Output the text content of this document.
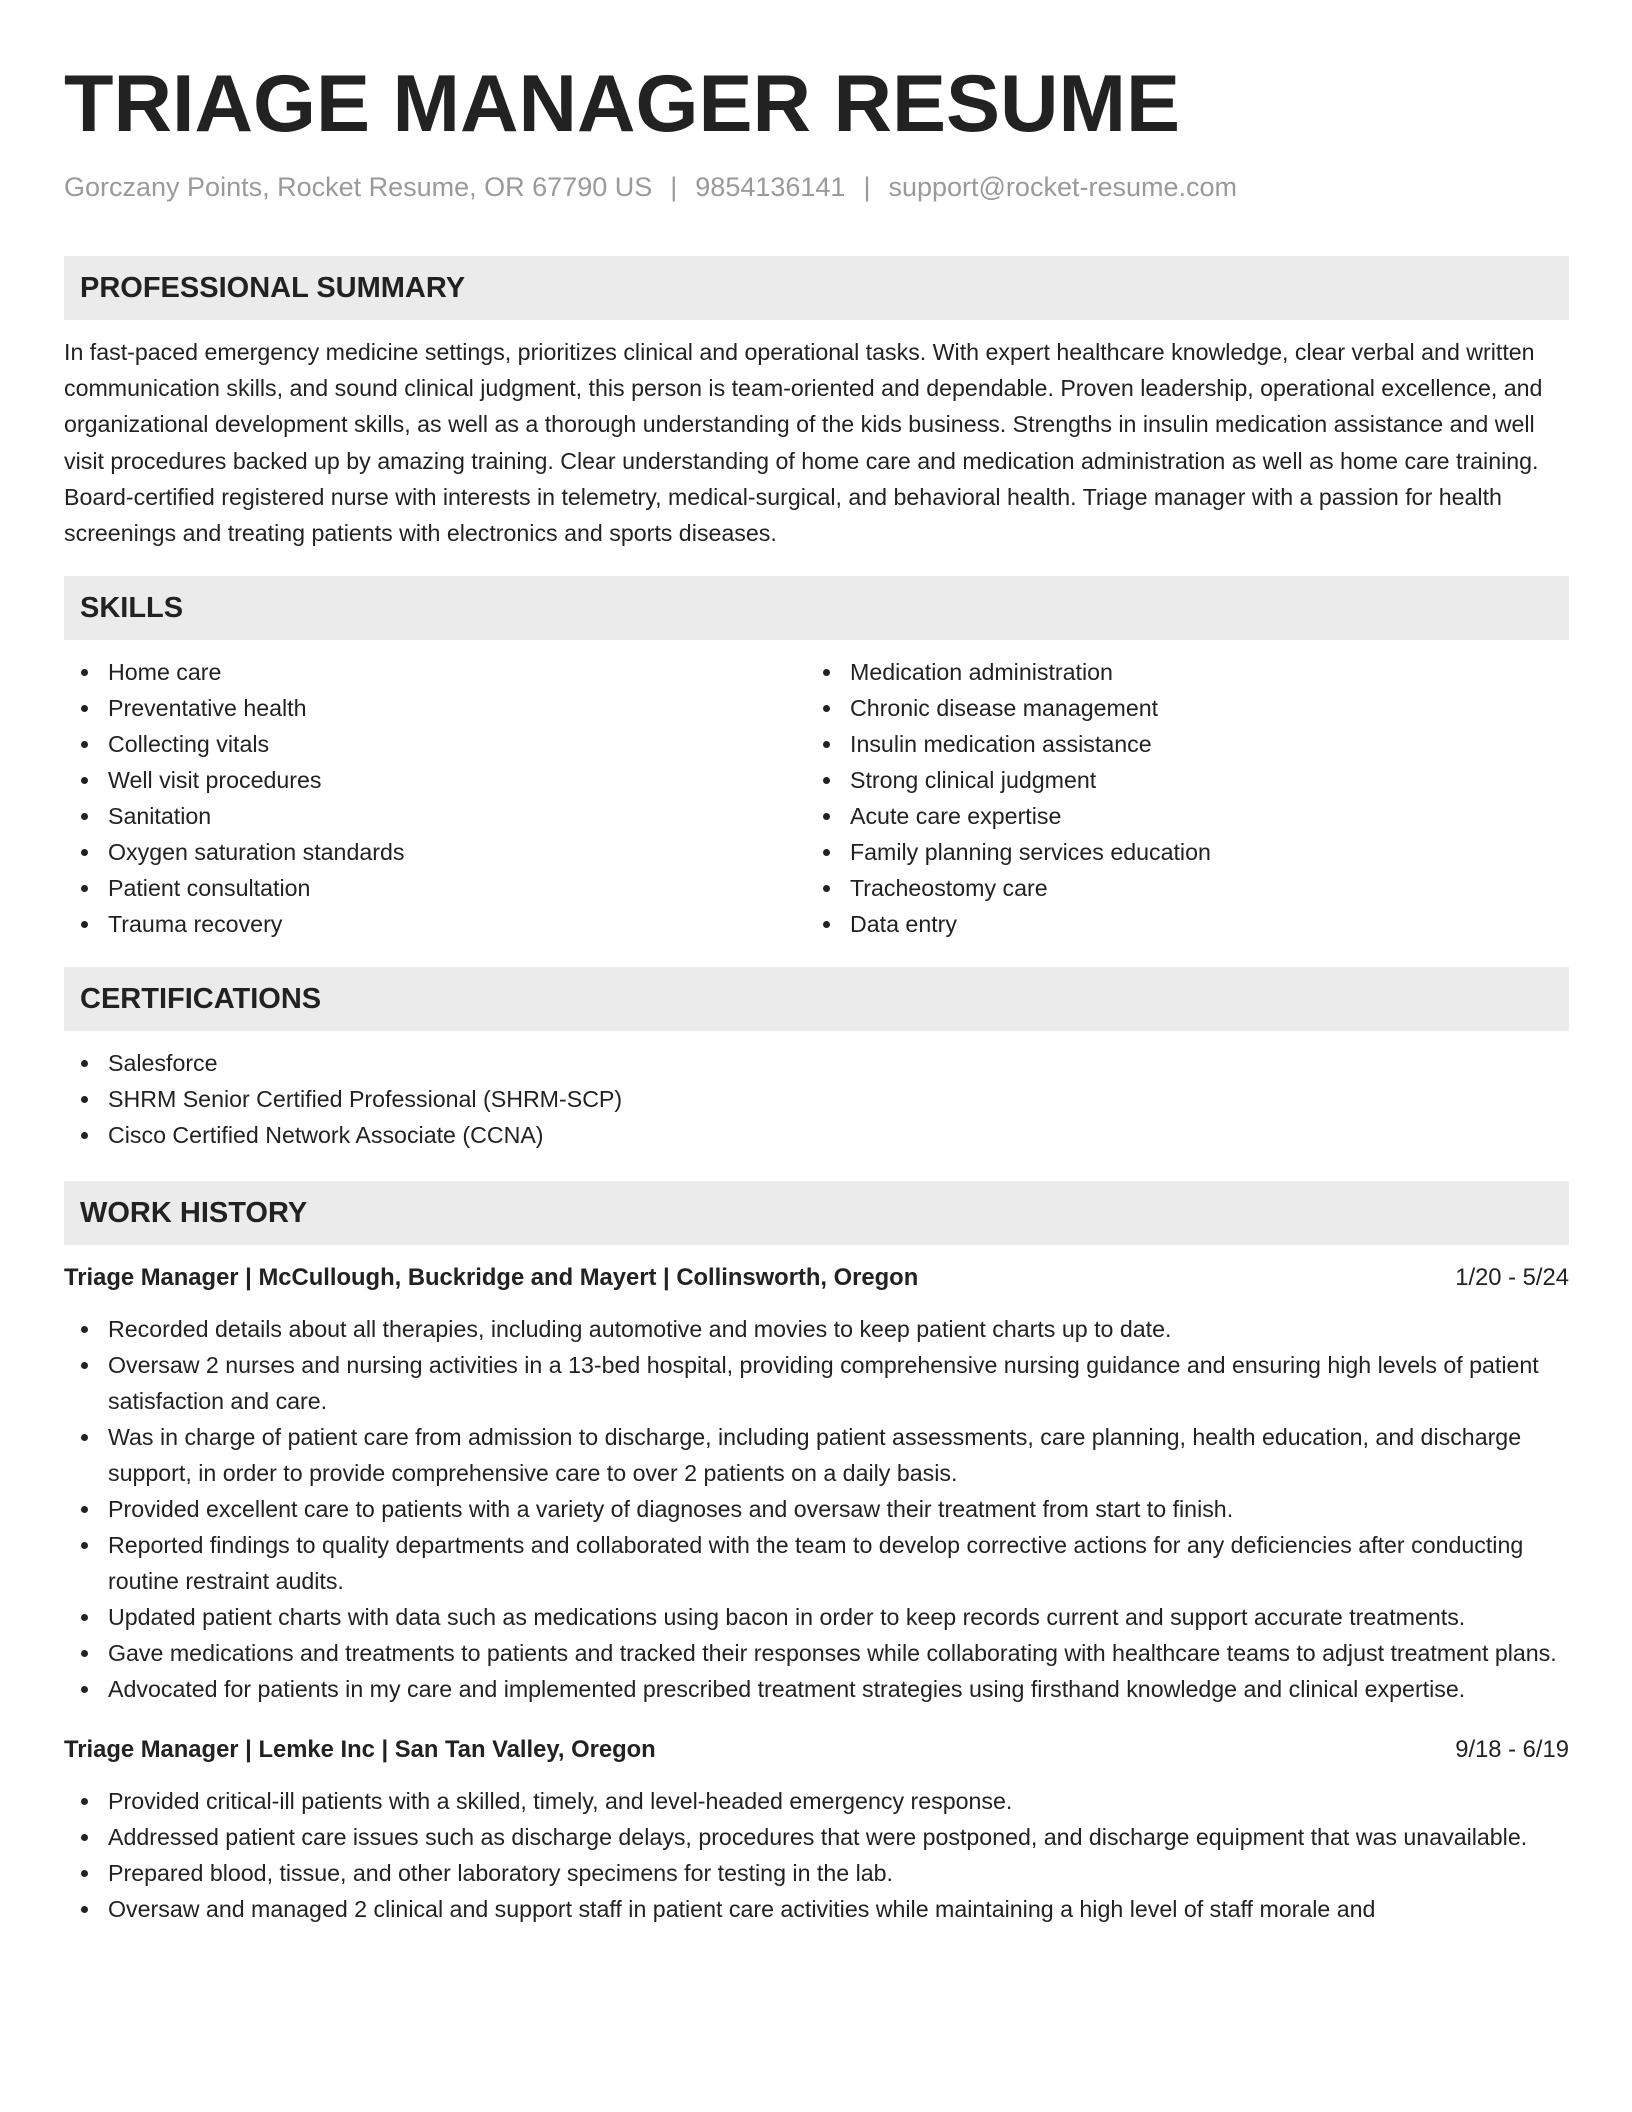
TRIAGE MANAGER RESUME
Gorczany Points, Rocket Resume, OR 67790 US | 9854136141 | support@rocket-resume.com
PROFESSIONAL SUMMARY

In fast-paced emergency medicine settings, prioritizes clinical and operational tasks. With expert healthcare knowledge, clear verbal and written communication skills, and sound clinical judgment, this person is team-oriented and dependable. Proven leadership, operational excellence, and organizational development skills, as well as a thorough understanding of the kids business. Strengths in insulin medication assistance and well visit procedures backed up by amazing training. Clear understanding of home care and medication administration as well as home care training. Board-certified registered nurse with interests in telemetry, medical-surgical, and behavioral health. Triage manager with a passion for health screenings and treating patients with electronics and sports diseases.

SKILLS
Home care
Preventative health
Collecting vitals
Well visit procedures
Sanitation
Oxygen saturation standards
Patient consultation
Trauma recovery
Medication administration
Chronic disease management
Insulin medication assistance
Strong clinical judgment
Acute care expertise
Family planning services education
Tracheostomy care
Data entry
CERTIFICATIONS
Salesforce
SHRM Senior Certified Professional (SHRM-SCP)
Cisco Certified Network Associate (CCNA)
WORK HISTORY
Triage Manager | McCullough, Buckridge and Mayert | Collinsworth, Oregon	1/20 - 5/24
Recorded details about all therapies, including automotive and movies to keep patient charts up to date.
Oversaw 2 nurses and nursing activities in a 13-bed hospital, providing comprehensive nursing guidance and ensuring high levels of patient satisfaction and care.
Was in charge of patient care from admission to discharge, including patient assessments, care planning, health education, and discharge support, in order to provide comprehensive care to over 2 patients on a daily basis.
Provided excellent care to patients with a variety of diagnoses and oversaw their treatment from start to finish.
Reported findings to quality departments and collaborated with the team to develop corrective actions for any deficiencies after conducting routine restraint audits.
Updated patient charts with data such as medications using bacon in order to keep records current and support accurate treatments.
Gave medications and treatments to patients and tracked their responses while collaborating with healthcare teams to adjust treatment plans.
Advocated for patients in my care and implemented prescribed treatment strategies using firsthand knowledge and clinical expertise.
Triage Manager | Lemke Inc | San Tan Valley, Oregon	9/18 - 6/19
Provided critical-ill patients with a skilled, timely, and level-headed emergency response.
Addressed patient care issues such as discharge delays, procedures that were postponed, and discharge equipment that was unavailable.
Prepared blood, tissue, and other laboratory specimens for testing in the lab.
Oversaw and managed 2 clinical and support staff in patient care activities while maintaining a high level of staff morale and
